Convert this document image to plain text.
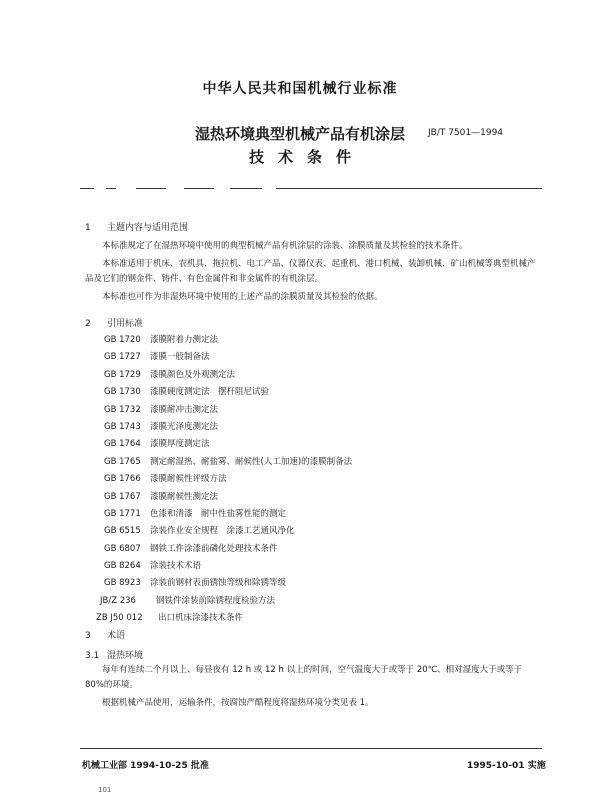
中华人民共和国机械行业标准
湿热环境典型机械产品有机涂层
技术条件
JB/T 7501—1994
1 主题内容与适用范围
本标准规定了在湿热环境中使用的典型机械产品有机涂层的涂装、涂膜质量及其检验的技术条件。
本标准适用于机床、农机具、拖拉机、电工产品、仪器仪表、起重机、港口机械、装卸机械、矿山机械等典型机械产品及它们的钢金件、铸件、有色金属件和非金属件的有机涂层。
本标准也可作为非湿热环境中使用的上述产品的涂膜质量及其检验的依据。
2 引用标准
GB 1720 漆膜附着力测定法
GB 1727 漆膜一般制备法
GB 1729 漆膜颜色及外观测定法
GB 1730 漆膜硬度测定法　摆杆阻尼试验
GB 1732 漆膜耐冲击测定法
GB 1743 漆膜光泽度测定法
GB 1764 漆膜厚度测定法
GB 1765 测定耐湿热、耐盐雾、耐候性(人工加速)的漆膜制备法
GB 1766 漆膜耐候性评级方法
GB 1767 漆膜耐候性测定法
GB 1771 色漆和清漆　耐中性盐雾性能的测定
GB 6515 涂装作业安全规程　涂漆工艺通风净化
GB 6807 钢铁工件涂漆前磷化处理技术条件
GB 8264 涂装技术术语
GB 8923 涂装前钢材表面锈蚀等级和除锈等级
JB/Z 236 钢铁件涂装前除锈程度检验方法
ZB J50 012 出口机床涂漆技术条件
3 术语
3.1 湿热环境
每年有连续二个月以上、每昼夜有 12 h 或 12 h 以上的时间，空气温度大于或等于 20℃、相对湿度大于或等于 80%的环境。
根据机械产品使用，运输条件，按腐蚀严酷程度将湿热环境分类见表 1。
机械工业部 1994-10-25 批准	1995-10-01 实施
101
